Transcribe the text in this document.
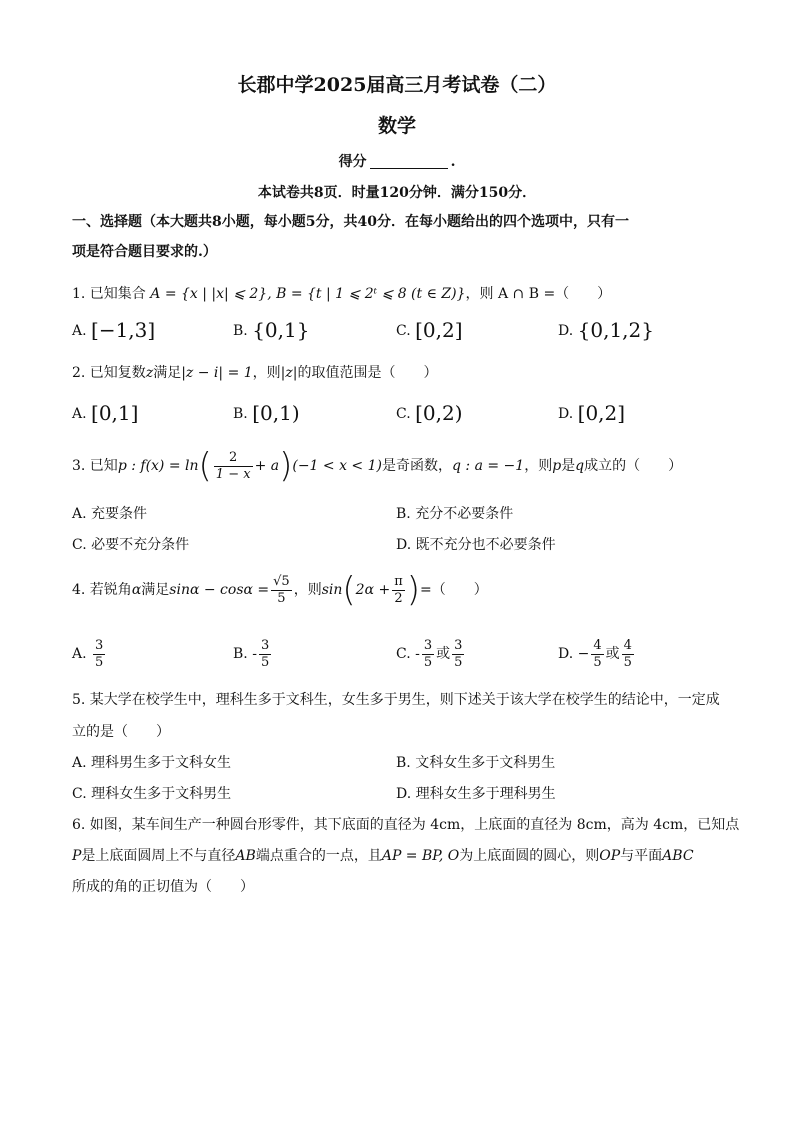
长郡中学2025届高三月考试卷（二）
数学
得分	.
本试卷共8页．时量120分钟．满分150分．
一、选择题（本大题共8小题，每小题5分，共40分．在每小题给出的四个选项中，只有一
项是符合题目要求的.）
1. 已知集合 A = {x | |x| ⩽ 2}, B = {t | 1 ⩽ 2ᵗ ⩽ 8 (t ∈ Z)}，则 A ∩ B =（　　）
A. [−1,3]	B. {0,1}	C. [0,2]	D. {0,1,2}
2. 已知复数z满足|z − i| = 1，则|z|的取值范围是（　　）
A. [0,1]	B. [0,1)	C. [0,2)	D. [0,2]
3. 已知p : $f(x) = \ln( \frac{2}{1 - x} + a)(-1 < x < 1)$是奇函数，q : a = −1，则p是q成立的（　　）
A. 充要条件	B. 充分不必要条件
C. 必要不充分条件	D. 既不充分也不必要条件
4. 若锐角α满足$\sin\alpha - \cos\alpha = \frac{√5}{5}$ ，则$\sin(2\alpha + \frac{\pi}{2}$ )=（　　）
A. $\frac{3}{5}$	B. - $\frac{3}{5}$	C. - $\frac{3}{5}$ 或 $\frac{3}{5}$	D. − $\frac{4}{5}$ 或 $\frac{4}{5}$
5. 某大学在校学生中，理科生多于文科生，女生多于男生，则下述关于该大学在校学生的结论中，一定成
立的是（　　）
A. 理科男生多于文科女生	B. 文科女生多于文科男生
C. 理科女生多于文科男生	D. 理科女生多于理科男生
6. 如图，某车间生产一种圆台形零件，其下底面的直径为 4cm，上底面的直径为 8cm，高为 4cm，已知点
P是上底面圆周上不与直径AB端点重合的一点，且AP = BP, O为上底面圆的圆心，则OP与平面ABC
所成的角的正切值为（　　）
